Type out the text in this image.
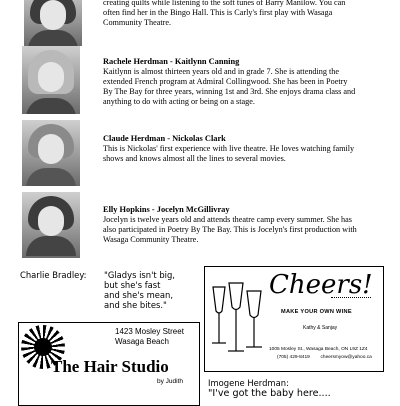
creating quilts while listening to the soft tunes of Barry Manilow. You can
often find her in the Bingo Hall. This is Carly's first play with Wasaga
Community Theatre.
Rachele Herdman - Kaitlynn Canning
Kaitlynn is almost thirteen years old and in grade 7. She is attending the
extended French program at Admiral Collingwood. She has been in Poetry
By The Bay for three years, winning 1st and 3rd. She enjoys drama class and
anything to do with acting or being on a stage.
Claude Herdman - Nickolas Clark
This is Nickolas' first experience with live theatre. He loves watching family
shows and knows almost all the lines to several movies.
Elly Hopkins - Jocelyn McGillivray
Jocelyn is twelve years old and attends theatre camp every summer. She has
also participated in Poetry By The Bay. This is Jocelyn's first production with
Wasaga Community Theatre.
Charlie Bradley: "Gladys isn't big,
but she's fast
and she's mean,
and she bites."
Cheers!
MAKE YOUR OWN WINE
Kathy & Sanjay
1005 Mosley St., Wasaga Beach, ON L9Z 1Z4
(705) 429-8419 cheersmyow@yahoo.ca
1423 Mosley Street
Wasaga Beach
The Hair Studio
by Judith	Imogene Herdman:
"I've got the baby here....
